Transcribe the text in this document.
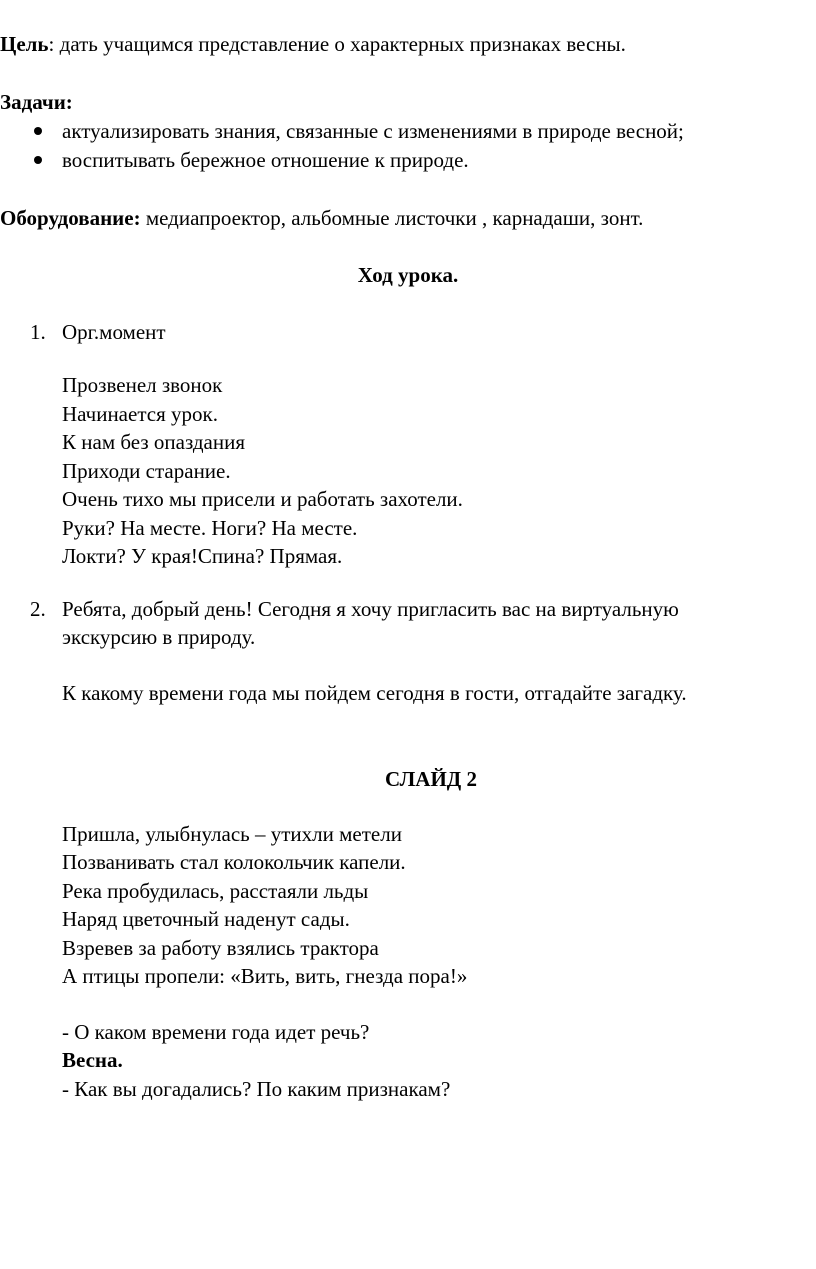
Цель: дать учащимся представление о характерных признаках весны.
Задачи:
актуализировать знания, связанные с изменениями в природе весной;
воспитывать бережное отношение к природе.
Оборудование: медиапроектор, альбомные листочки , карнадаши, зонт.
Ход урока.
1. Орг.момент
Прозвенел звонок
Начинается урок.
К нам без опаздания
Приходи старание.
Очень тихо мы присели и работать захотели.
Руки? На месте. Ноги? На месте.
Локти? У края!Спина? Прямая.
2. Ребята, добрый день! Сегодня я хочу пригласить вас на виртуальную
экскурсию в природу.
К какому времени года мы пойдем сегодня в гости, отгадайте загадку.
СЛАЙД 2
Пришла, улыбнулась – утихли метели
Позванивать стал колокольчик капели.
Река пробудилась, расстаяли льды
Наряд цветочный наденут сады.
Взревев за работу взялись трактора
А птицы пропели: «Вить, вить, гнезда пора!»
- О каком времени года идет речь?
Весна.
- Как вы догадались? По каким признакам?
